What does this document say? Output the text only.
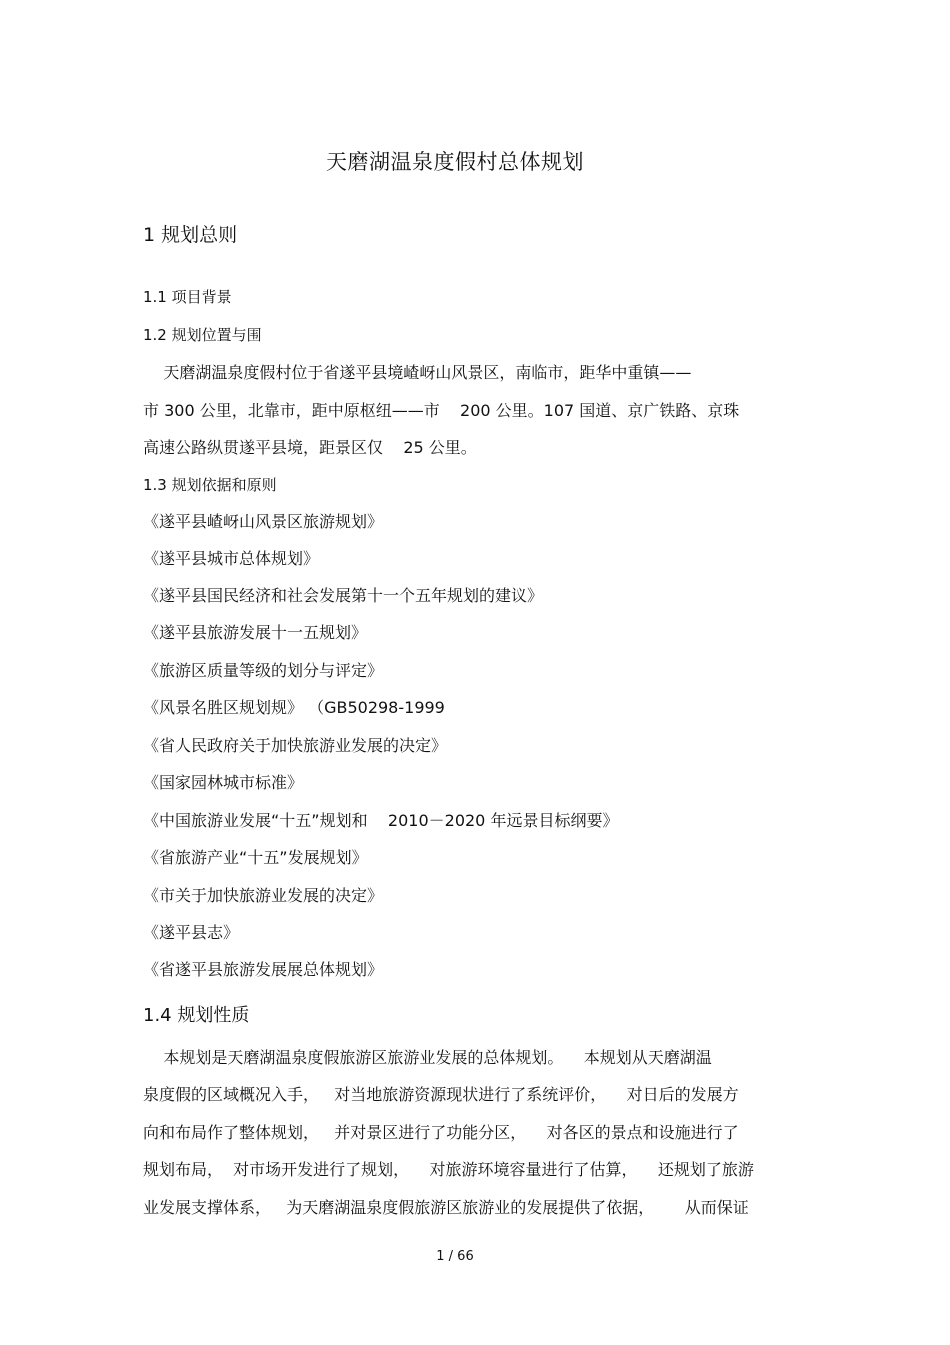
天磨湖温泉度假村总体规划
1 规划总则
1.1 项目背景
1.2 规划位置与围
天磨湖温泉度假村位于省遂平县境嵖岈山风景区，南临市，距华中重镇——
市 300 公里，北靠市，距中原枢纽——市    200 公里。107 国道、京广铁路、京珠
高速公路纵贯遂平县境，距景区仅    25 公里。
1.3 规划依据和原则
《遂平县嵖岈山风景区旅游规划》
《遂平县城市总体规划》
《遂平县国民经济和社会发展第十一个五年规划的建议》
《遂平县旅游发展十一五规划》
《旅游区质量等级的划分与评定》
《风景名胜区规划规》 （GB50298-1999
《省人民政府关于加快旅游业发展的决定》
《国家园林城市标准》
《中国旅游业发展“十五”规划和    2010－2020 年远景目标纲要》
《省旅游产业“十五”发展规划》
《市关于加快旅游业发展的决定》
《遂平县志》
《省遂平县旅游发展展总体规划》
1.4 规划性质
本规划是天磨湖温泉度假旅游区旅游业发展的总体规划。    本规划从天磨湖温
泉度假的区域概况入手，   对当地旅游资源现状进行了系统评价，    对日后的发展方
向和布局作了整体规划，   并对景区进行了功能分区，    对各区的景点和设施进行了
规划布局，  对市场开发进行了规划，    对旅游环境容量进行了估算，    还规划了旅游
业发展支撑体系，   为天磨湖温泉度假旅游区旅游业的发展提供了依据，      从而保证
1 / 66
